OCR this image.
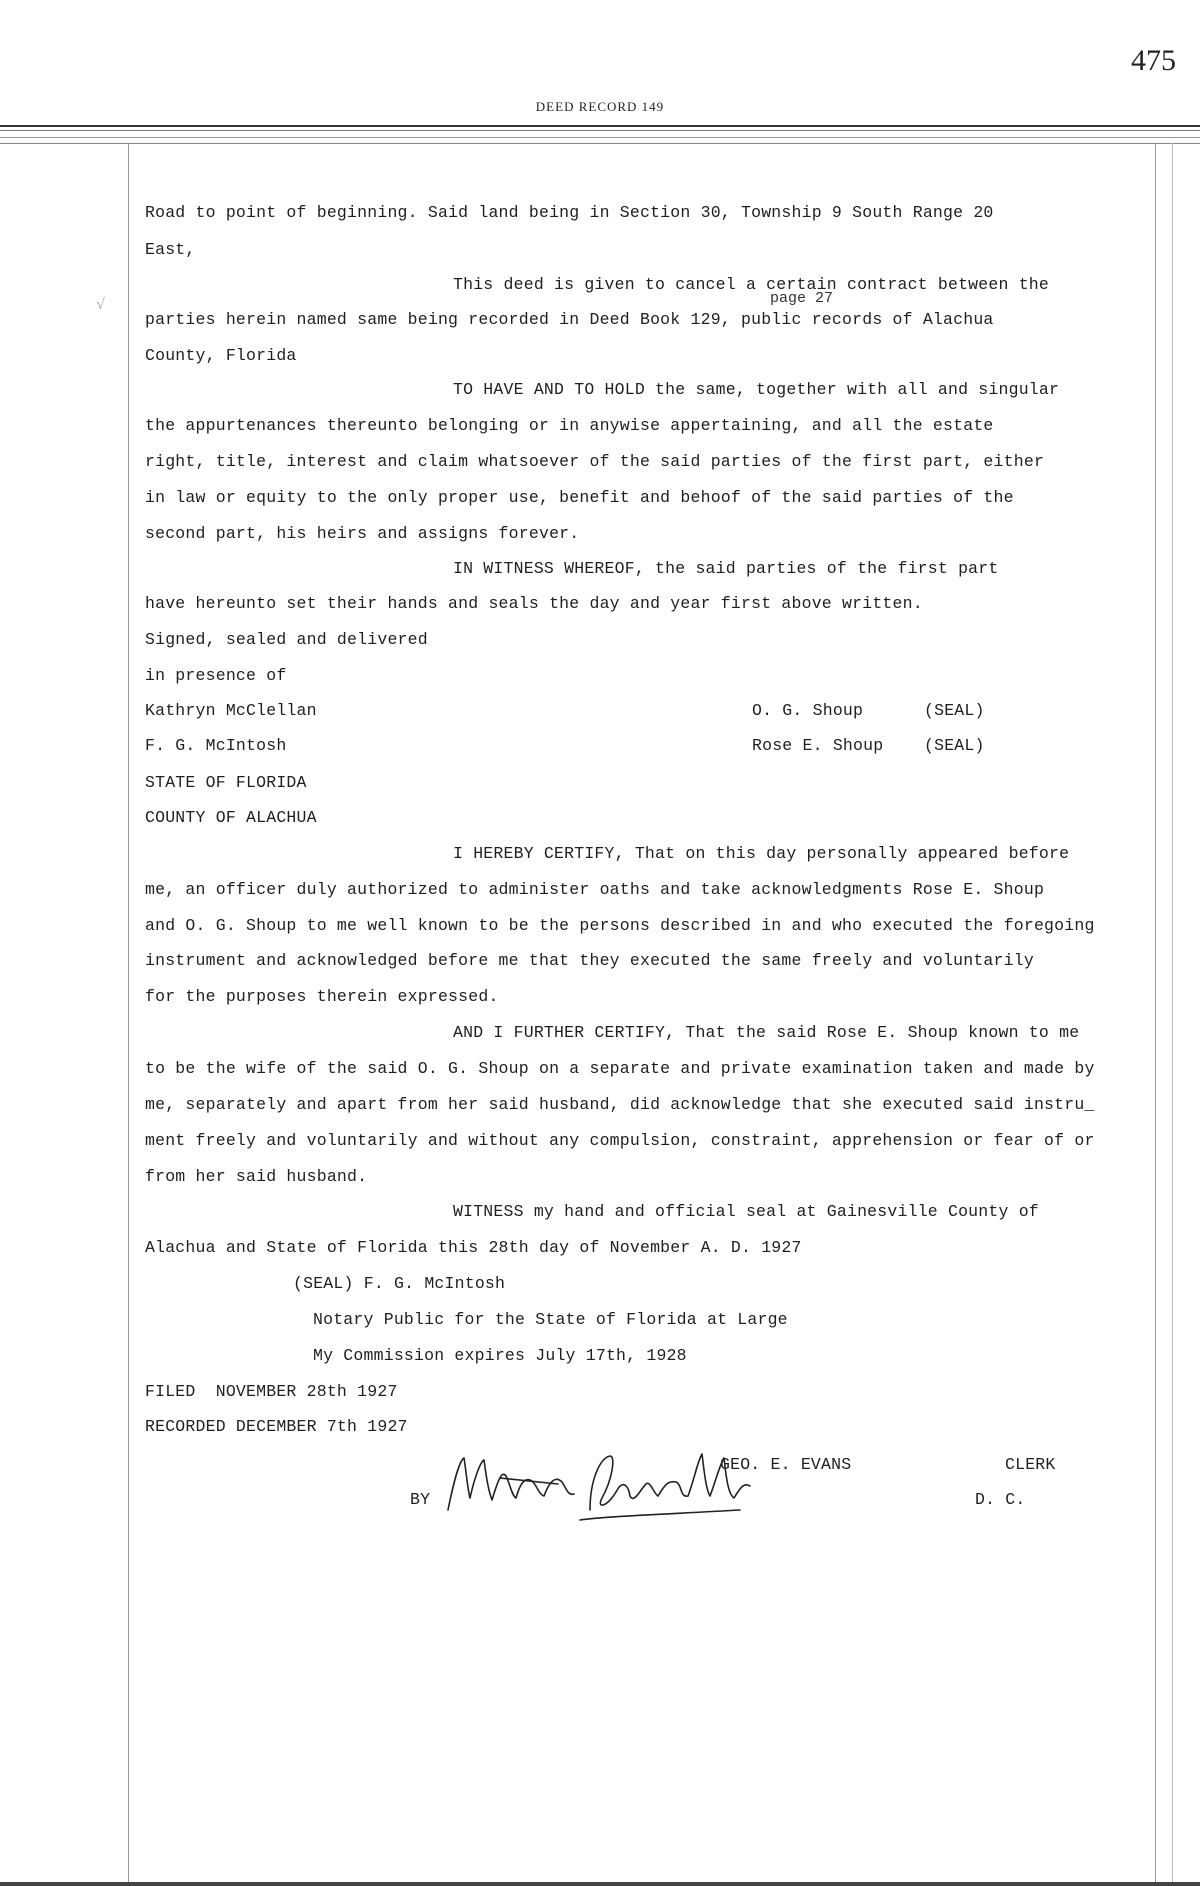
475
DEED RECORD 149
√
Road to point of beginning. Said land being in Section 30, Township 9 South Range 20
East,
This deed is given to cancel a certain contract between the
page 27
parties herein named same being recorded in Deed Book 129, public records of Alachua
County, Florida
TO HAVE AND TO HOLD the same, together with all and singular
the appurtenances thereunto belonging or in anywise appertaining, and all the estate
right, title, interest and claim whatsoever of the said parties of the first part, either
in law or equity to the only proper use, benefit and behoof of the said parties of the
second part, his heirs and assigns forever.
IN WITNESS WHEREOF, the said parties of the first part
have hereunto set their hands and seals the day and year first above written.
Signed, sealed and delivered
in presence of
Kathryn McClellan	O. G. Shoup	(SEAL)
F. G. McIntosh	Rose E. Shoup (SEAL)
STATE OF FLORIDA
COUNTY OF ALACHUA
I HEREBY CERTIFY, That on this day personally appeared before
me, an officer duly authorized to administer oaths and take acknowledgments Rose E. Shoup
and O. G. Shoup to me well known to be the persons described in and who executed the foregoing
instrument and acknowledged before me that they executed the same freely and voluntarily
for the purposes therein expressed.
AND I FURTHER CERTIFY, That the said Rose E. Shoup known to me
to be the wife of the said O. G. Shoup on a separate and private examination taken and made by
me, separately and apart from her said husband, did acknowledge that she executed said instru_
ment freely and voluntarily and without any compulsion, constraint, apprehension or fear of or
from her said husband.
WITNESS my hand and official seal at Gainesville County of
Alachua and State of Florida this 28th day of November A. D. 1927
(SEAL) F. G. McIntosh
Notary Public for the State of Florida at Large
My Commission expires July 17th, 1928
FILED  NOVEMBER 28th 1927
RECORDED DECEMBER 7th 1927
GEO. E. EVANS	CLERK
BY	D. C.
